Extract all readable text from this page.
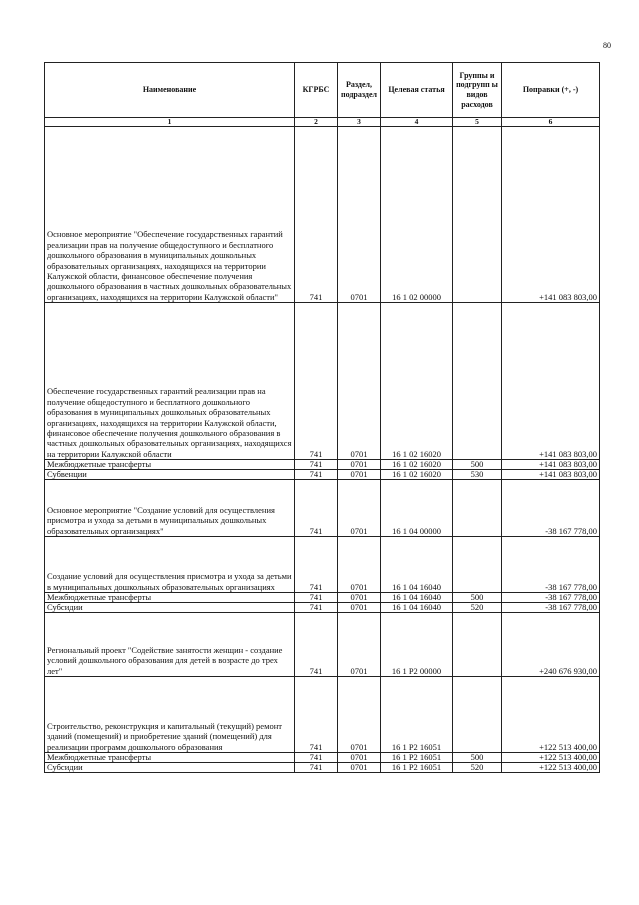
80
Наименование	КГРБС	Раздел, подраздел	Целевая статья	Группы и подгрупп ы видов расходов	Поправки (+, -)
1	2	3	4	5	6
Основное мероприятие "Обеспечение государственных гарантий реализации прав на получение общедоступного и бесплатного дошкольного образования в муниципальных дошкольных образовательных организациях, находящихся на территории Калужской области, финансовое обеспечение получения дошкольного образования в частных дошкольных образовательных организациях, находящихся на территории Калужской области"	741	0701	16 1 02 00000		+141 083 803,00
Обеспечение государственных гарантий реализации прав на получение общедоступного и бесплатного дошкольного образования в муниципальных дошкольных образовательных организациях, находящихся на территории Калужской области, финансовое обеспечение получения дошкольного образования в частных дошкольных образовательных организациях, находящихся на территории Калужской области	741	0701	16 1 02 16020		+141 083 803,00
Межбюджетные трансферты	741	0701	16 1 02 16020	500	+141 083 803,00
Субвенции	741	0701	16 1 02 16020	530	+141 083 803,00
Основное мероприятие "Создание условий для осуществления присмотра и ухода за детьми в муниципальных дошкольных образовательных организациях"	741	0701	16 1 04 00000		-38 167 778,00
Создание условий для осуществления присмотра и ухода за детьми в муниципальных дошкольных образовательных организациях	741	0701	16 1 04 16040		-38 167 778,00
Межбюджетные трансферты	741	0701	16 1 04 16040	500	-38 167 778,00
Субсидии	741	0701	16 1 04 16040	520	-38 167 778,00
Региональный проект "Содействие занятости женщин - создание условий дошкольного образования для детей в возрасте до трех лет"	741	0701	16 1 P2 00000		+240 676 930,00
Строительство, реконструкция и капитальный (текущий) ремонт зданий (помещений) и приобретение зданий (помещений) для реализации программ дошкольного образования	741	0701	16 1 P2 16051		+122 513 400,00
Межбюджетные трансферты	741	0701	16 1 P2 16051	500	+122 513 400,00
Субсидии	741	0701	16 1 P2 16051	520	+122 513 400,00
